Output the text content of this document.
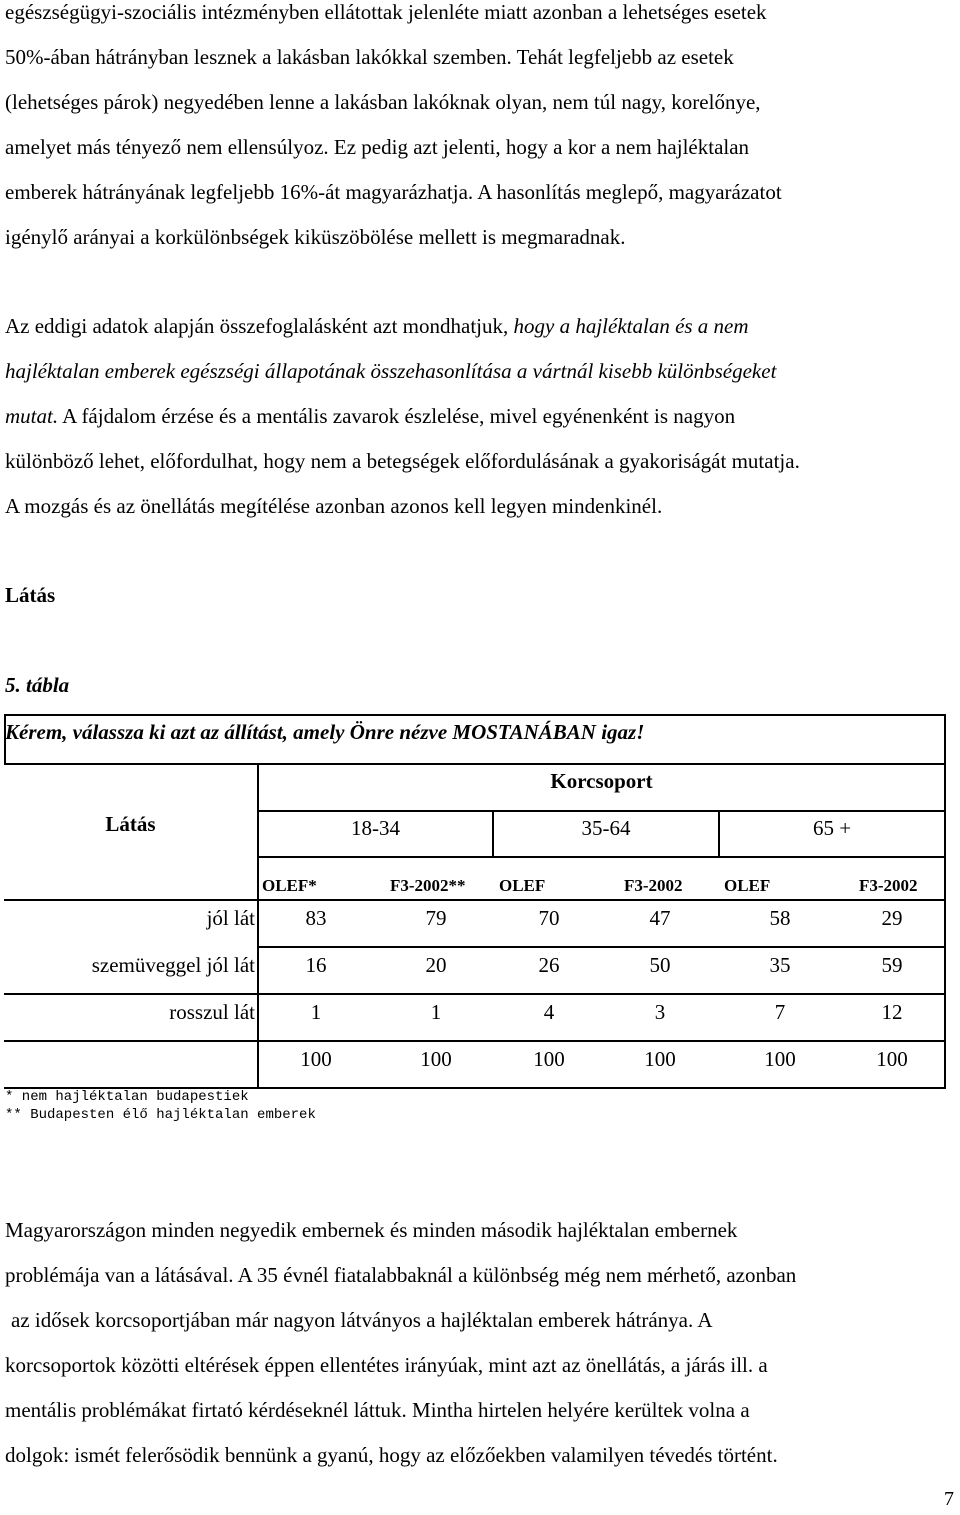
egészségügyi-szociális intézményben ellátottak jelenléte miatt azonban a lehetséges esetek
50%-ában hátrányban lesznek a lakásban lakókkal szemben. Tehát legfeljebb az esetek
(lehetséges párok) negyedében lenne a lakásban lakóknak olyan, nem túl nagy, korelőnye,
amelyet más tényező nem ellensúlyoz. Ez pedig azt jelenti, hogy a kor a nem hajléktalan
emberek hátrányának legfeljebb 16%-át magyarázhatja. A hasonlítás meglepő, magyarázatot
igénylő arányai a korkülönbségek kiküszöbölése mellett is megmaradnak.
Az eddigi adatok alapján összefoglalásként azt mondhatjuk, hogy a hajléktalan és a nem
hajléktalan emberek egészségi állapotának összehasonlítása a vártnál kisebb különbségeket
mutat. A fájdalom érzése és a mentális zavarok észlelése, mivel egyénenként is nagyon
különböző lehet, előfordulhat, hogy nem a betegségek előfordulásának a gyakoriságát mutatja.
A mozgás és az önellátás megítélése azonban azonos kell legyen mindenkinél.
Látás
5. tábla
Kérem, válassza ki azt az állítást, amely Önre nézve MOSTANÁBAN igaz!
Látás
Korcsoport
18-34	35-64	65 +
OLEF*	F3-2002** OLEF	F3-2002 OLEF	F3-2002
jól lát	83	79	70	47	58	29
szemüveggel jól lát	16	20	26	50	35	59
rosszul lát	1	1	4	3	7	12
100	100	100	100	100	100
* nem hajléktalan budapestiek
** Budapesten élő hajléktalan emberek
Magyarországon minden negyedik embernek és minden második hajléktalan embernek
problémája van a látásával. A 35 évnél fiatalabbaknál a különbség még nem mérhető, azonban
az idősek korcsoportjában már nagyon látványos a hajléktalan emberek hátránya. A
korcsoportok közötti eltérések éppen ellentétes irányúak, mint azt az önellátás, a járás ill. a
mentális problémákat firtató kérdéseknél láttuk. Mintha hirtelen helyére kerültek volna a
dolgok: ismét felerősödik bennünk a gyanú, hogy az előzőekben valamilyen tévedés történt.
7
